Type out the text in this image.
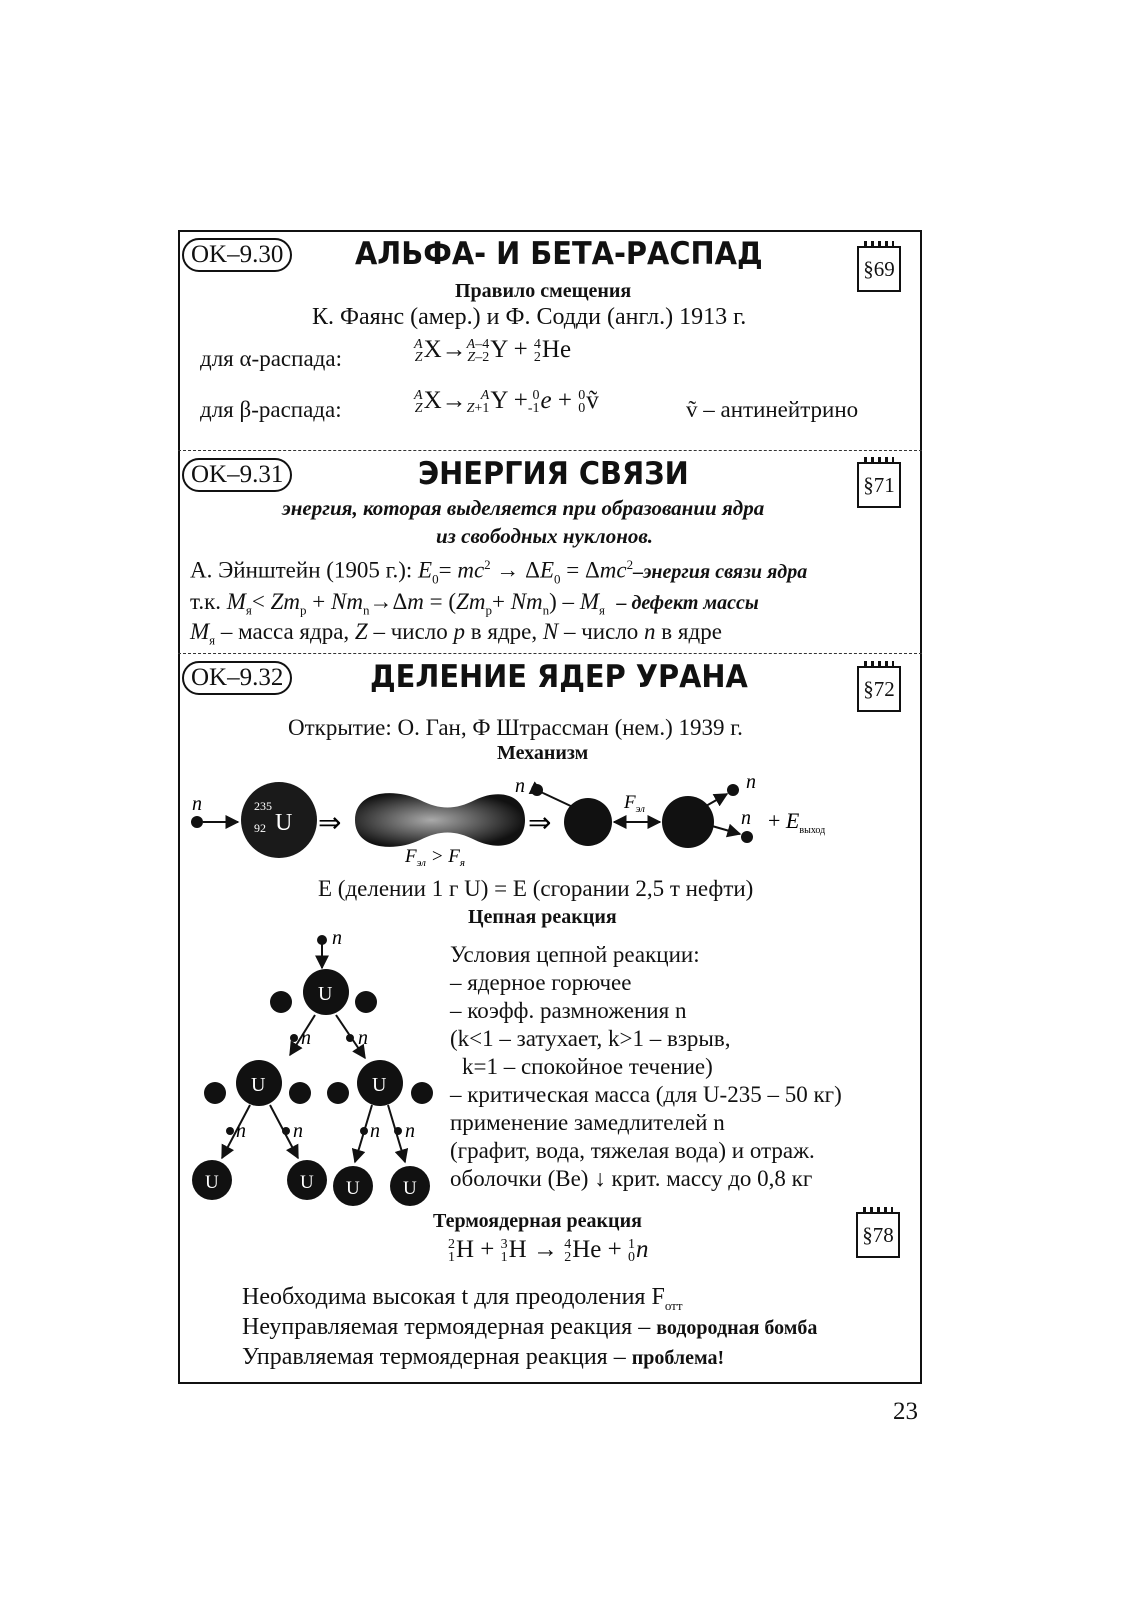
OK–9.30 АЛЬФА- И БЕТА-РАСПАД	§69
Правило смещения
К. Фаянс (амер.) и Ф. Содди (англ.) 1913 г.
для α-распада:
A
ZX→A–4
Z–2Y + 4
2He
для β-распада:
A
ZX→ A
Z+1Y + 0
-1e + 0
0ṽ	ṽ – антинейтрино
OK–9.31	ЭНЕРГИЯ СВЯЗИ	§71
энергия, которая выделяется при образовании ядра
из свободных нуклонов.
А. Эйнштейн (1905 г.): $E_0= mc^2 \to \Delta E_0$ = Δmc$^2$–энергия связи ядра
т.к. $M_я< Zm_p + Nm_n\to\Delta m = (Zm_p+ Nm_n) - M_я$ – дефект массы
$M_я$ – масса ядра, Z – число p в ядре, N – число n в ядре
OK–9.32	ДЕЛЕНИЕ ЯДЕР УРАНА	§72
Открытие: О. Ган, Ф Штрассман (нем.) 1939 г.
Механизм
n	235
92 U ⇒
$F_{эл} > F_я$
⇒
$F_{эл}$
n	n
$n + E_{выход}$
E (делении 1 г U) = E (сгорании 2,5 т нефти)
Цепная реакция
n
n n
n n	n n
U
U	U
U	U U U
Условия цепной реакции:
– ядерное горючее
– коэфф. размножения n
(k<1 – затухает, k>1 – взрыв,
k=1 – спокойное течение)
– критическая масса (для U-235 – 50 кг)
применение замедлителей n
(графит, вода, тяжелая вода) и отраж.
оболочки (Be) ↓ крит. массу до 0,8 кг
Термоядерная реакция
§78
2
1H + 3
1H → 4
2He + 1
0n
Необходима высокая t для преодоления $F_{отт}$
Неуправляемая термоядерная реакция – водородная бомба
Управляемая термоядерная реакция – проблема!
23
